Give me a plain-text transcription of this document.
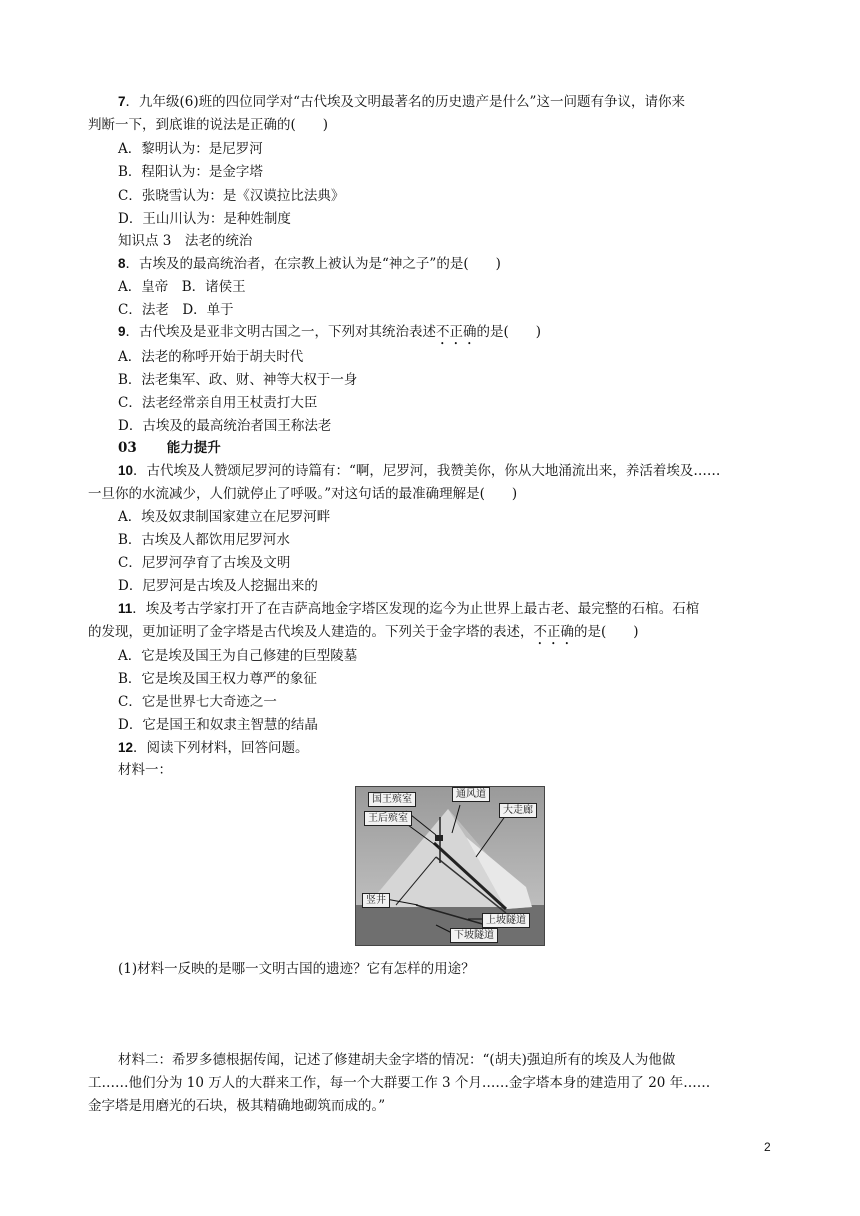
7．九年级(6)班的四位同学对“古代埃及文明最著名的历史遗产是什么”这一问题有争议，请你来
判断一下，到底谁的说法是正确的(　　)
A．黎明认为：是尼罗河
B．程阳认为：是金字塔
C．张晓雪认为：是《汉谟拉比法典》
D．王山川认为：是种姓制度
知识点 3　法老的统治
8．古埃及的最高统治者，在宗教上被认为是“神之子”的是(　　)
A．皇帝　B．诸侯王
C．法老　D．单于
9．古代埃及是亚非文明古国之一，下列对其统治表述不正确的是(　　)
A．法老的称呼开始于胡夫时代
B．法老集军、政、财、神等大权于一身
C．法老经常亲自用王杖责打大臣
D．古埃及的最高统治者国王称法老
03 能力提升
10．古代埃及人赞颂尼罗河的诗篇有：“啊，尼罗河，我赞美你，你从大地涌流出来，养活着埃及……
一旦你的水流减少，人们就停止了呼吸。”对这句话的最准确理解是(　　)
A．埃及奴隶制国家建立在尼罗河畔
B．古埃及人都饮用尼罗河水
C．尼罗河孕育了古埃及文明
D．尼罗河是古埃及人挖掘出来的
11．埃及考古学家打开了在吉萨高地金字塔区发现的迄今为止世界上最古老、最完整的石棺。石棺
的发现，更加证明了金字塔是古代埃及人建造的。下列关于金字塔的表述，不正确的是(　　)
A．它是埃及国王为自己修建的巨型陵墓
B．它是埃及国王权力尊严的象征
C．它是世界七大奇迹之一
D．它是国王和奴隶主智慧的结晶
12．阅读下列材料，回答问题。
材料一：
国王殡室
王后殡室
通风道
大走廊
竖井
上坡隧道
下坡隧道
(1)材料一反映的是哪一文明古国的遗迹？它有怎样的用途？
材料二：希罗多德根据传闻，记述了修建胡夫金字塔的情况：“(胡夫)强迫所有的埃及人为他做
工……他们分为 10 万人的大群来工作，每一个大群要工作 3 个月……金字塔本身的建造用了 20 年……
金字塔是用磨光的石块，极其精确地砌筑而成的。”
2
